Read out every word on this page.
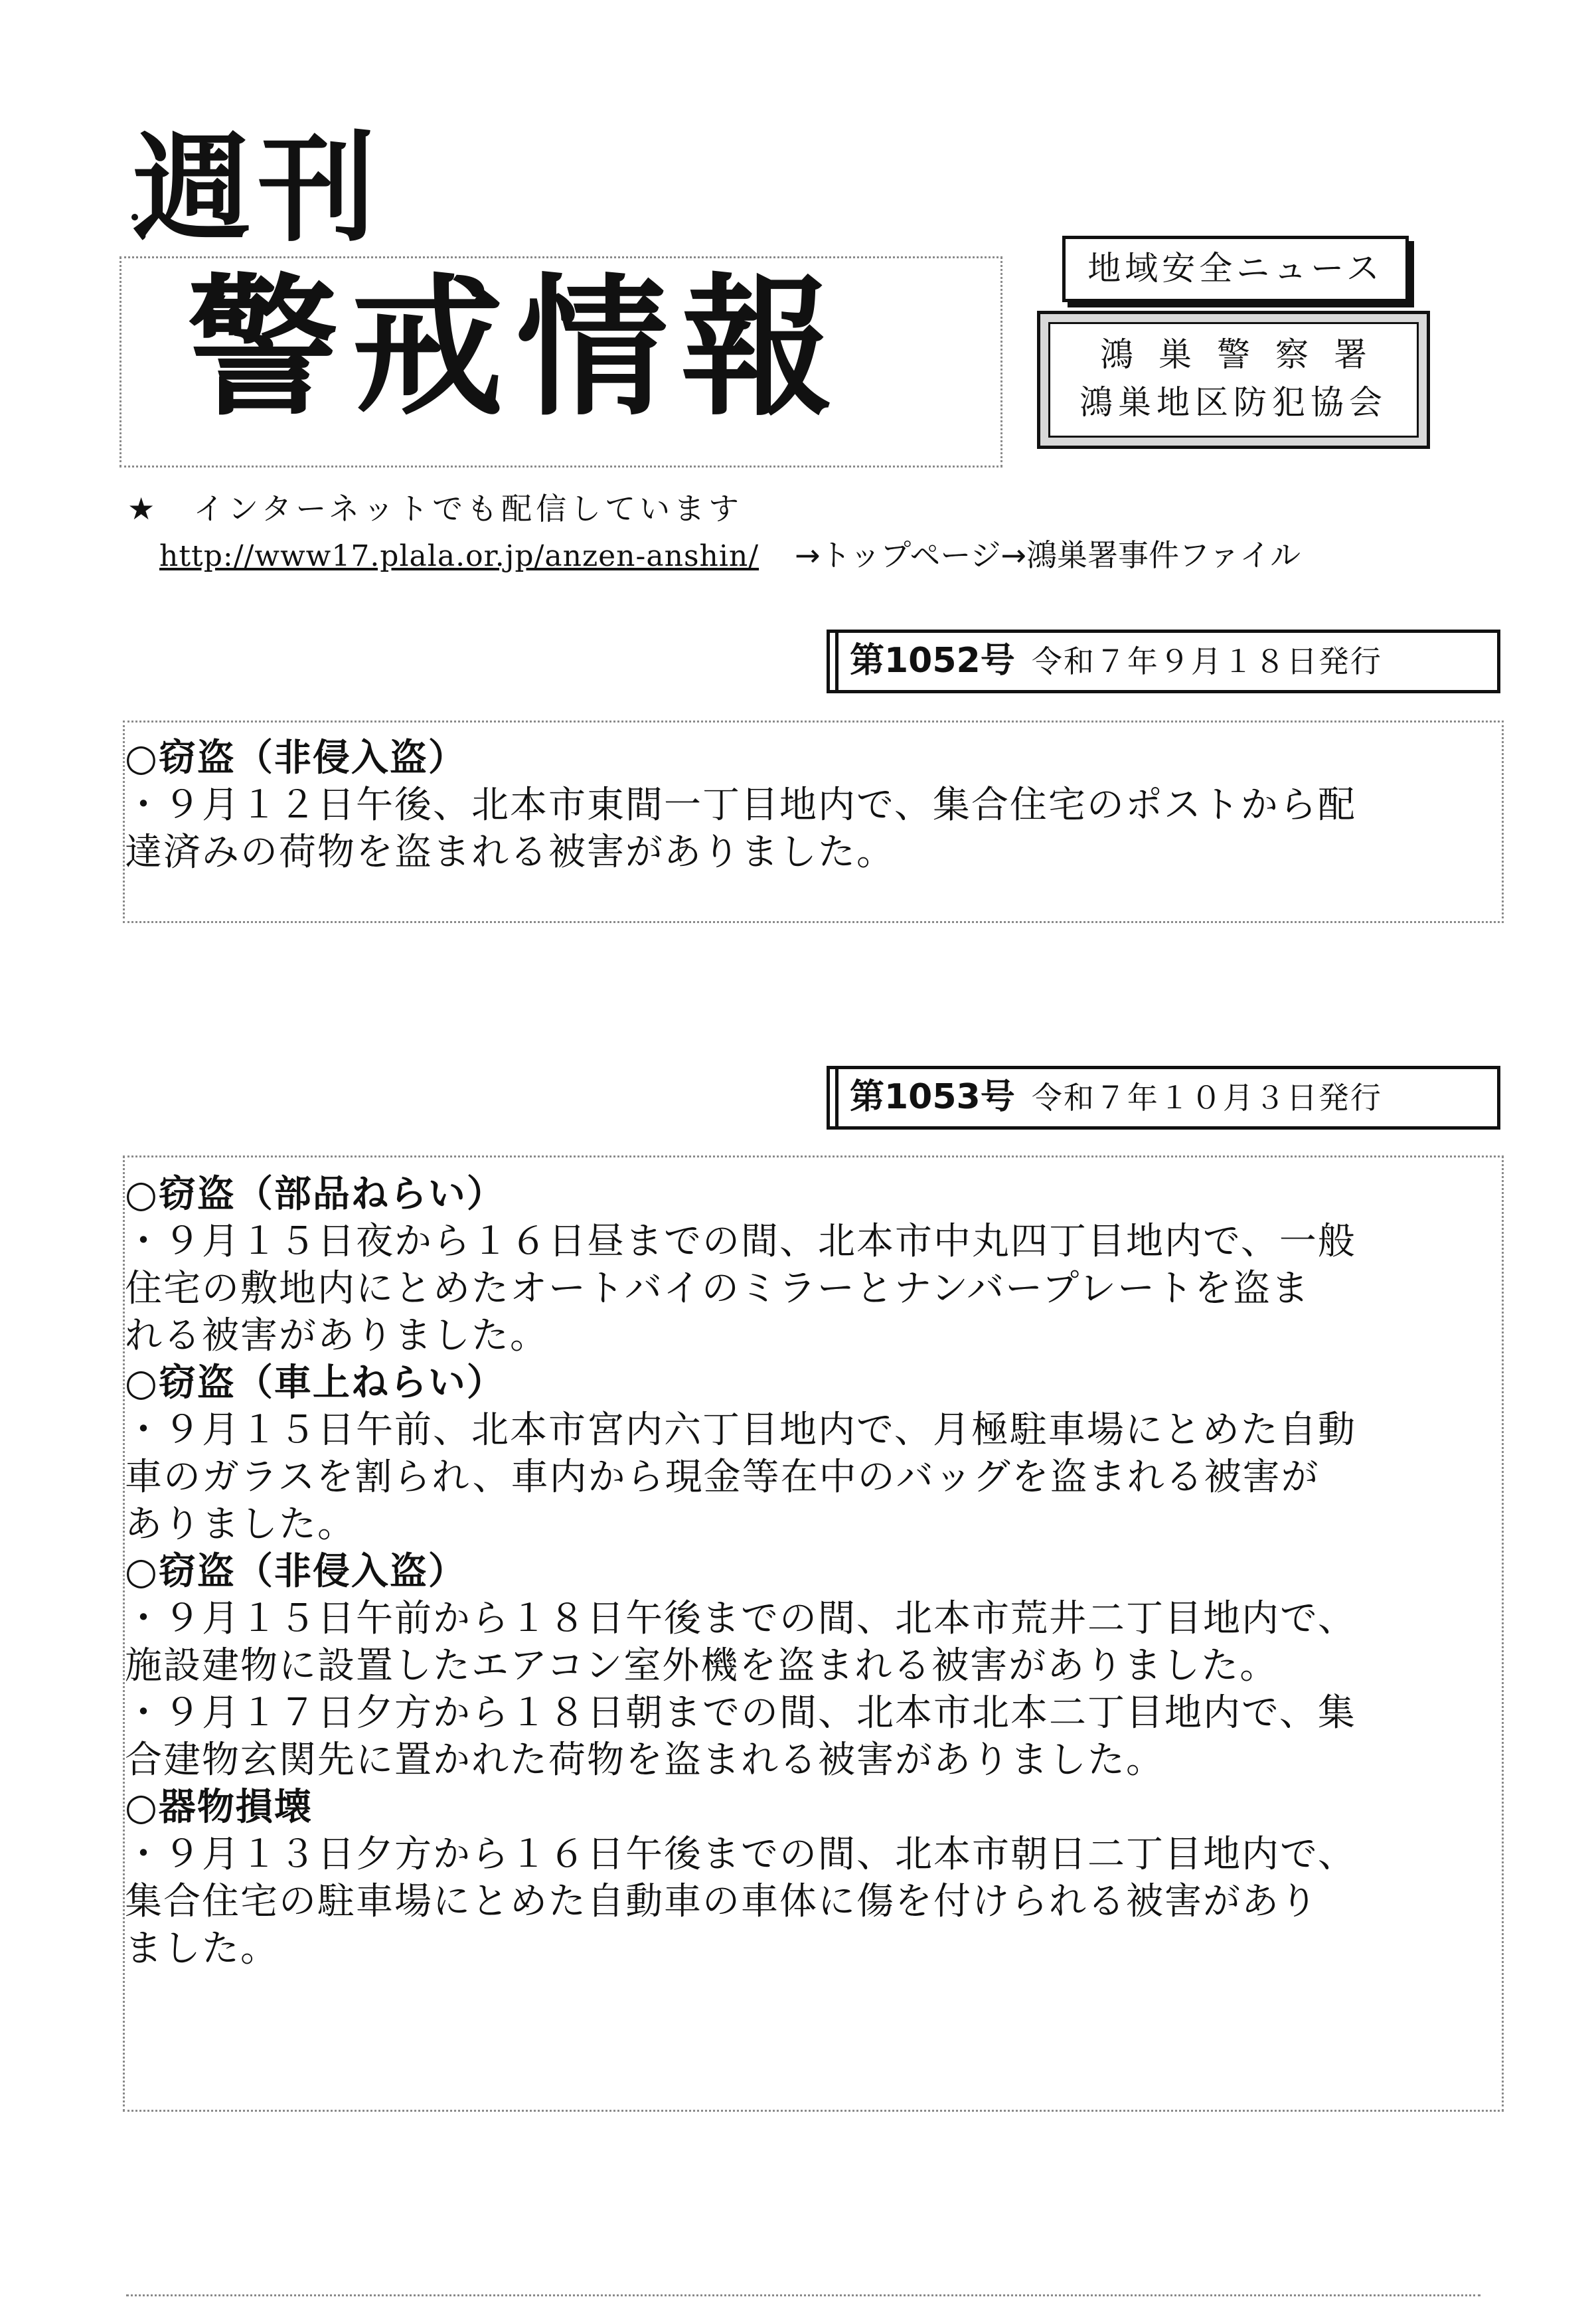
週刊
警戒情報	地域安全ニュース
鴻巣警察署
鴻巣地区防犯協会
★　インターネットでも配信しています
http://www17.plala.or.jp/anzen-anshin/ →トップページ→鴻巣署事件ファイル
第1052号 令和７年９月１８日発行

○窃盗（非侵入盗）

・９月１２日午後、北本市東間一丁目地内で、集合住宅のポストから配

達済みの荷物を盗まれる被害がありました。

第1053号 令和７年１０月３日発行

○窃盗（部品ねらい）

・９月１５日夜から１６日昼までの間、北本市中丸四丁目地内で、一般

住宅の敷地内にとめたオートバイのミラーとナンバープレートを盗ま

れる被害がありました。

○窃盗（車上ねらい）

・９月１５日午前、北本市宮内六丁目地内で、月極駐車場にとめた自動

車のガラスを割られ、車内から現金等在中のバッグを盗まれる被害が

ありました。

○窃盗（非侵入盗）

・９月１５日午前から１８日午後までの間、北本市荒井二丁目地内で、

施設建物に設置したエアコン室外機を盗まれる被害がありました。

・９月１７日夕方から１８日朝までの間、北本市北本二丁目地内で、集

合建物玄関先に置かれた荷物を盗まれる被害がありました。

○器物損壊

・９月１３日夕方から１６日午後までの間、北本市朝日二丁目地内で、

集合住宅の駐車場にとめた自動車の車体に傷を付けられる被害があり

ました。
